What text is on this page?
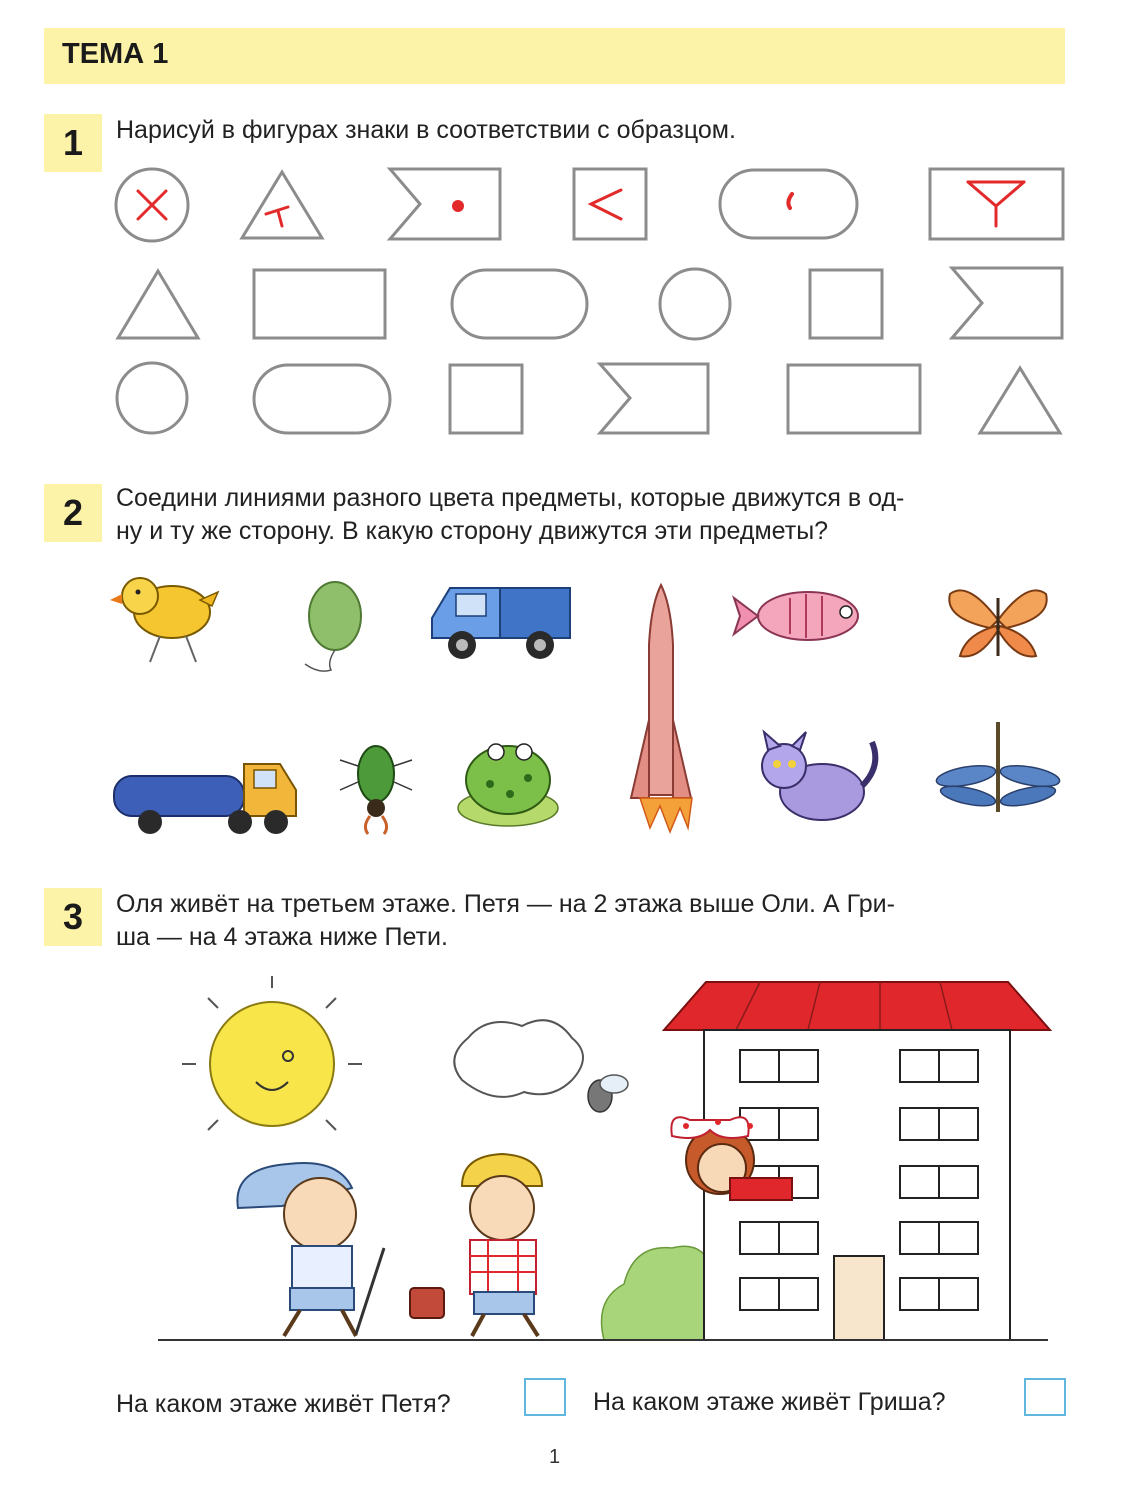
ТЕМА 1
1	Нарисуй в фигурах знаки в соответствии с образцом.
2	Соедини линиями разного цвета предметы, которые движутся в од-
ну и ту же сторону. В какую сторону движутся эти предметы?
3	Оля живёт на третьем этаже. Петя — на 2 этажа выше Оли. А Гри-
ша — на 4 этажа ниже Пети.
На каком этаже живёт Петя?	На каком этаже живёт Гриша?
1
